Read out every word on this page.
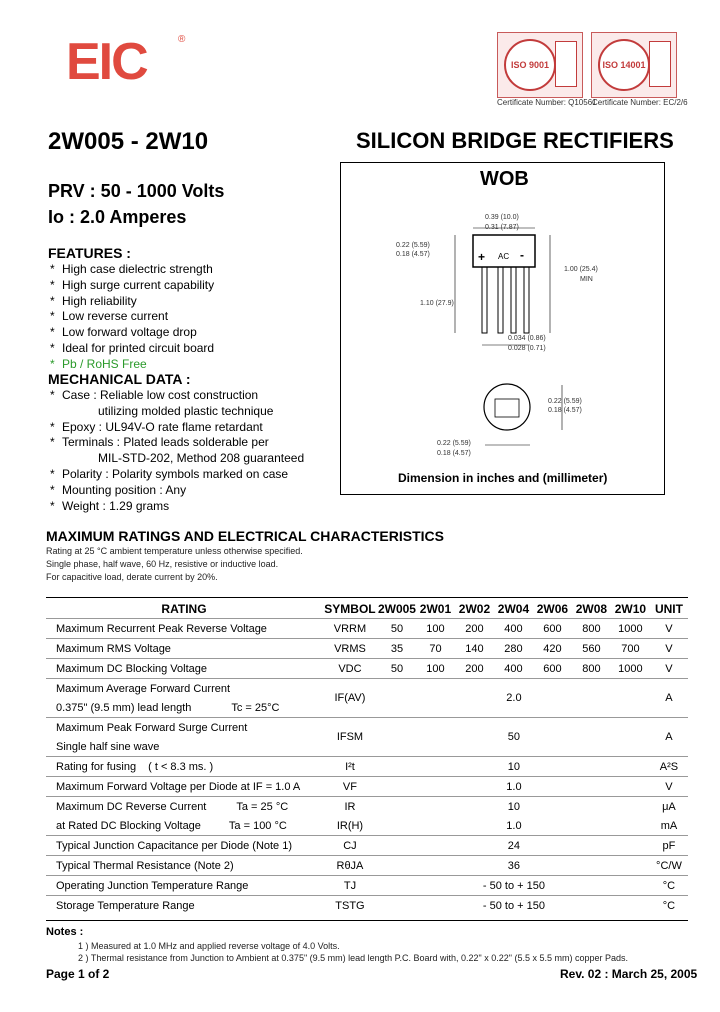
EIC	®
ISO 9001	ISO 14001
Certificate Number: Q10561
Certificate Number: EC/2/6
2W005 - 2W10	SILICON BRIDGE RECTIFIERS
PRV : 50 - 1000 Volts
Io : 2.0 Amperes
FEATURES :
* High case dielectric strength
* High surge current capability
* High reliability
* Low reverse current
* Low forward voltage drop
* Ideal for printed circuit board
* Pb / RoHS Free
MECHANICAL DATA :
* Case : Reliable low cost construction
utilizing molded plastic technique
* Epoxy : UL94V-O rate flame retardant
* Terminals : Plated leads solderable per
MIL-STD-202, Method 208 guaranteed
* Polarity : Polarity symbols marked on case
* Mounting position : Any
* Weight : 1.29 grams
WOB
0.39 (10.0)
0.31 (7.87)
0.22 (5.59)
0.18 (4.57)
1.00 (25.4)
MIN
1.10 (27.9)
0.034 (0.86)
0.028 (0.71)
0.22 (5.59)
0.18 (4.57)
0.22 (5.59)
0.18 (4.57)
+ AC -
Dimension in inches and (millimeter)
MAXIMUM RATINGS AND ELECTRICAL CHARACTERISTICS
Rating at 25 °C ambient temperature unless otherwise specified.
Single phase, half wave, 60 Hz, resistive or inductive load.
For capacitive load, derate current by 20%.
RATING	SYMBOL	2W005	2W01	2W02	2W04	2W06	2W08	2W10	UNIT
Maximum Recurrent Peak Reverse Voltage	VRRM	50	100	200	400	600	800	1000	V
Maximum RMS Voltage	VRMS	35	70	140	280	420	560	700	V
Maximum DC Blocking Voltage	VDC	50	100	200	400	600	800	1000	V
Maximum Average Forward Current	IF(AV)	2.0							A
0.375" (9.5 mm) lead length Tc = 25°C									
Maximum Peak Forward Surge Current	IFSM	50							A
Single half sine wave									
Rating for fusing ( t < 8.3 ms. )	I²t	10							A²S
Maximum Forward Voltage per Diode at IF = 1.0 A	VF	1.0							V
Maximum DC Reverse Current Ta = 25 °C	IR	10							μA
at Rated DC Blocking Voltage Ta = 100 °C	IR(H)	1.0							mA
Typical Junction Capacitance per Diode (Note 1)	CJ	24							pF
Typical Thermal Resistance (Note 2)	RθJA	36							°C/W
Operating Junction Temperature Range	TJ	- 50 to + 150							°C
Storage Temperature Range	TSTG	- 50 to + 150							°C
Notes :
1 ) Measured at 1.0 MHz and applied reverse voltage of 4.0 Volts.
2 ) Thermal resistance from Junction to Ambient at 0.375" (9.5 mm) lead length P.C. Board with, 0.22" x 0.22" (5.5 x 5.5 mm) copper Pads.
Page 1 of 2	Rev. 02 : March 25, 2005
